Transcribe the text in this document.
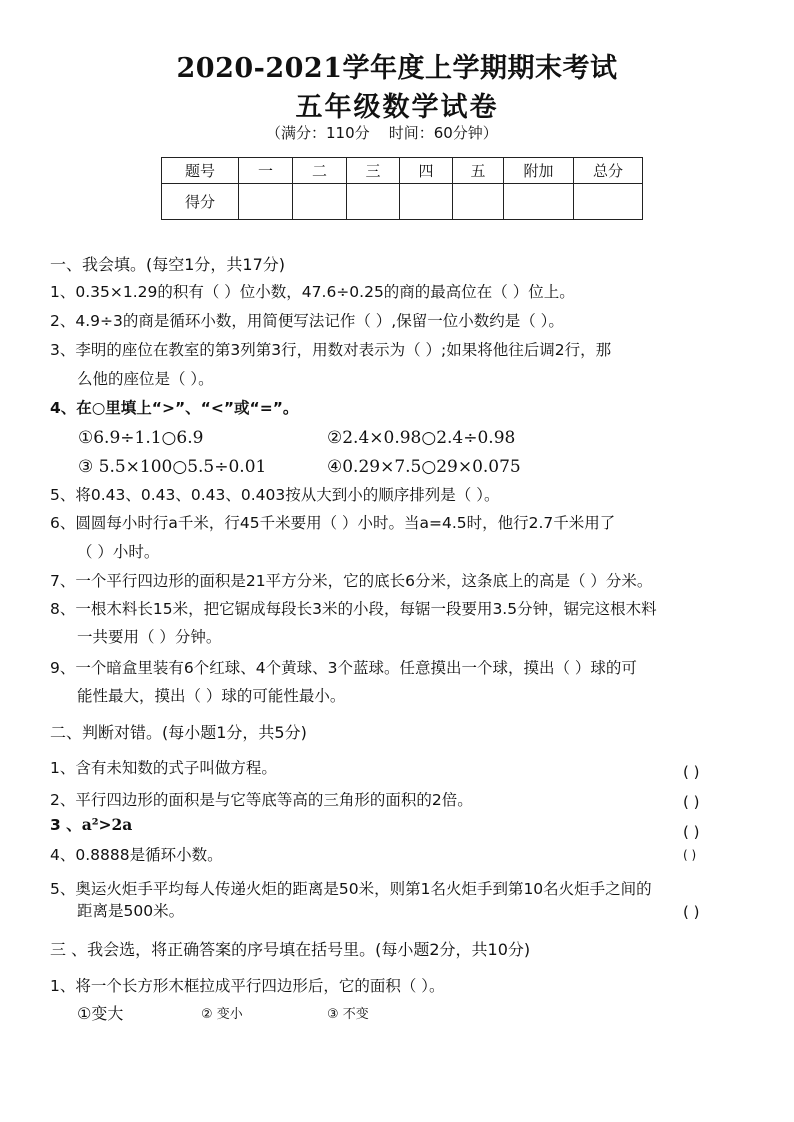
2020-2021学年度上学期期末考试
五年级数学试卷
（满分：110分    时间：60分钟）
题号	一	二	三	四	五	附加	总分
得分							
一、我会填。(每空1分，共17分)
1、0.35×1.29的积有（ ）位小数，47.6÷0.25的商的最高位在（ ）位上。
2、4.9÷3的商是循环小数，用简便写法记作（ ）,保留一位小数约是（ ）。
3、李明的座位在教室的第3列第3行，用数对表示为（ ）;如果将他往后调2行，那
么他的座位是（ ）。
4、在○里填上“>”、“<”或“=”。
①6.9÷1.1○6.9	②2.4×0.98○2.4÷0.98
③ 5.5×100○5.5÷0.01	④0.29×7.5○29×0.075
5、将0.43、0.43、0.43、0.403按从大到小的顺序排列是（ ）。
6、圆圆每小时行a千米，行45千米要用（ ）小时。当a=4.5时，他行2.7千米用了
（ ）小时。
7、一个平行四边形的面积是21平方分米，它的底长6分米，这条底上的高是（ ）分米。
8、一根木料长15米，把它锯成每段长3米的小段，每锯一段要用3.5分钟，锯完这根木料
一共要用（ ）分钟。
9、一个暗盒里装有6个红球、4个黄球、3个蓝球。任意摸出一个球，摸出（ ）球的可
能性最大，摸出（ ）球的可能性最小。
二、判断对错。(每小题1分，共5分)
1、含有未知数的式子叫做方程。	( )
2、平行四边形的面积是与它等底等高的三角形的面积的2倍。	( )
3 、a²>2a	( )
4、0.8888是循环小数。	( )
5、奥运火炬手平均每人传递火炬的距离是50米，则第1名火炬手到第10名火炬手之间的
距离是500米。	( )
三 、我会选，将正确答案的序号填在括号里。(每小题2分，共10分)
1、将一个长方形木框拉成平行四边形后，它的面积（ ）。
①变大	② 变小	③ 不变
